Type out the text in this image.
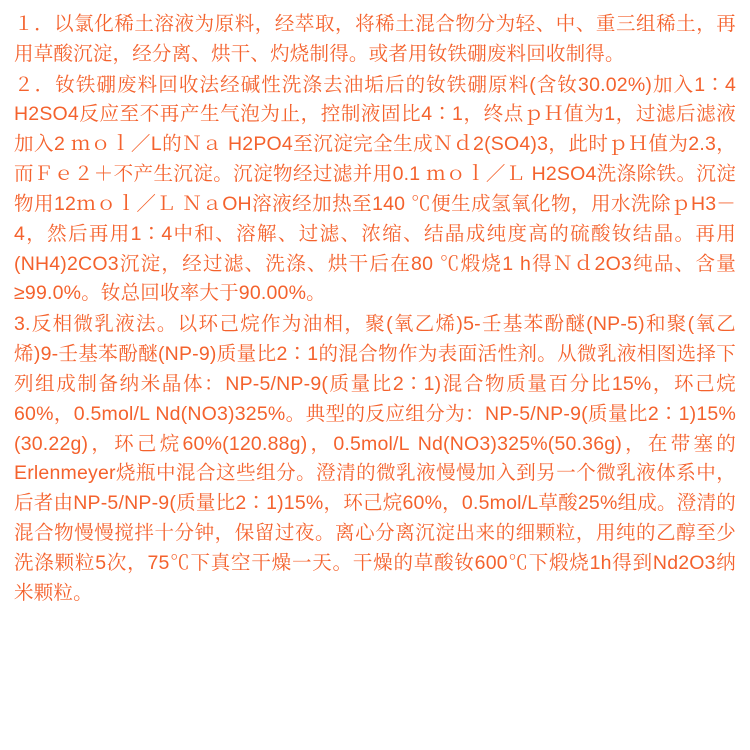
１．以氯化稀土溶液为原料，经萃取，将稀土混合物分为轻、中、重三组稀土，再用草酸沉淀，经分离、烘干、灼烧制得。或者用钕铁硼废料回收制得。

２．钕铁硼废料回收法经碱性洗涤去油垢后的钕铁硼原料(含钕30.02%)加入1∶4 H2SO4反应至不再产生气泡为止，控制液固比4∶1，终点ｐＨ值为1，过滤后滤液加入2 ｍｏｌ／L的Ｎａ H2PO4至沉淀完全生成Ｎｄ2(SO4)3，此时ｐＨ值为2.3，而Ｆｅ２＋不产生沉淀。沉淀物经过滤并用0.1 ｍｏｌ／Ｌ H2SO4洗涤除铁。沉淀物用12ｍｏｌ／Ｌ ＮａOH溶液经加热至140 ℃便生成氢氧化物，用水洗除ｐH3－4，然后再用1∶4中和、溶解、过滤、浓缩、结晶成纯度高的硫酸钕结晶。再用(NH4)2CO3沉淀，经过滤、洗涤、烘干后在80 ℃煅烧1 h得Ｎｄ2O3纯品、含量≥99.0%。钕总回收率大于90.00%。

3.反相微乳液法。以环己烷作为油相，聚(氧乙烯)5-壬基苯酚醚(NP-5)和聚(氧乙烯)9-壬基苯酚醚(NP-9)质量比2∶1的混合物作为表面活性剂。从微乳液相图选择下列组成制备纳米晶体：NP-5/NP-9(质量比2∶1)混合物质量百分比15%，环己烷60%，0.5mol/L Nd(NO3)325%。典型的反应组分为：NP-5/NP-9(质量比2∶1)15%(30.22g)，环己烷60%(120.88g)，0.5mol/L Nd(NO3)325%(50.36g)，在带塞的Erlenmeyer烧瓶中混合这些组分。澄清的微乳液慢慢加入到另一个微乳液体系中，后者由NP-5/NP-9(质量比2∶1)15%，环己烷60%，0.5mol/L草酸25%组成。澄清的混合物慢慢搅拌十分钟，保留过夜。离心分离沉淀出来的细颗粒，用纯的乙醇至少洗涤颗粒5次，75℃下真空干燥一天。干燥的草酸钕600℃下煅烧1h得到Nd2O3纳米颗粒。
